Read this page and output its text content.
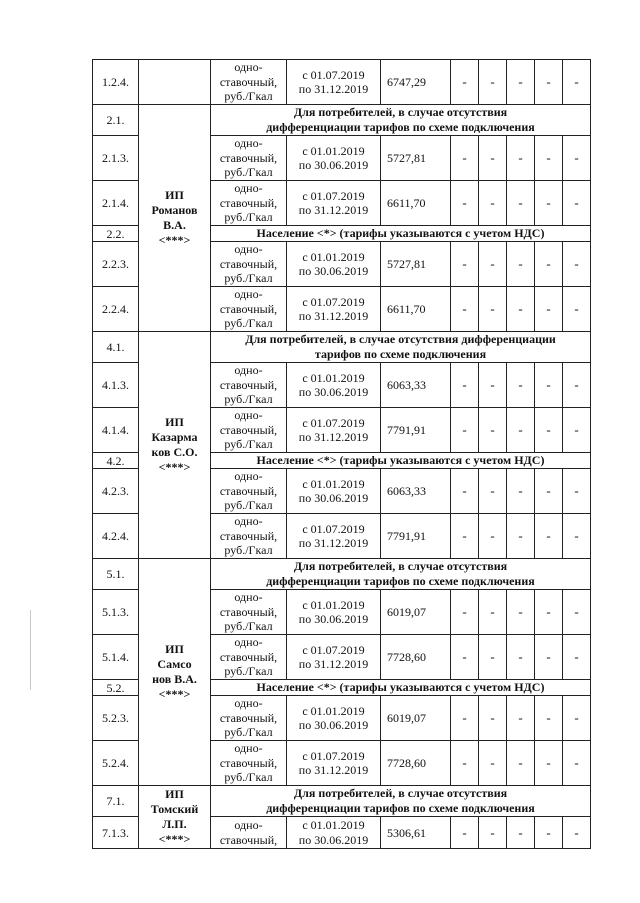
1.2.4.		одно-
ставочный,
руб./Гкал	с 01.07.2019
по 31.12.2019	6747,29	-	-	-	-	-
2.1.	ИП
Романов
В.А.
<***>	Для потребителей, в случае отсутствия
дифференциации тарифов по схеме подключения							
2.1.3.		одно-
ставочный,
руб./Гкал	с 01.01.2019
по 30.06.2019	5727,81	-	-	-	-	-
2.1.4.		одно-
ставочный,
руб./Гкал	с 01.07.2019
по 31.12.2019	6611,70	-	-	-	-	-
2.2.		Население <*> (тарифы указываются с учетом НДС)							
2.2.3.		одно-
ставочный,
руб./Гкал	с 01.01.2019
по 30.06.2019	5727,81	-	-	-	-	-
2.2.4.		одно-
ставочный,
руб./Гкал	с 01.07.2019
по 31.12.2019	6611,70	-	-	-	-	-
4.1.	ИП
Казарма
ков С.О.
<***>	Для потребителей, в случае отсутствия дифференциации
тарифов по схеме подключения							
4.1.3.		одно-
ставочный,
руб./Гкал	с 01.01.2019
по 30.06.2019	6063,33	-	-	-	-	-
4.1.4.		одно-
ставочный,
руб./Гкал	с 01.07.2019
по 31.12.2019	7791,91	-	-	-	-	-
4.2.		Население <*> (тарифы указываются с учетом НДС)							
4.2.3.		одно-
ставочный,
руб./Гкал	с 01.01.2019
по 30.06.2019	6063,33	-	-	-	-	-
4.2.4.		одно-
ставочный,
руб./Гкал	с 01.07.2019
по 31.12.2019	7791,91	-	-	-	-	-
5.1.	ИП
Самсо
нов В.А.
<***>	Для потребителей, в случае отсутствия
дифференциации тарифов по схеме подключения							
5.1.3.		одно-
ставочный,
руб./Гкал	с 01.01.2019
по 30.06.2019	6019,07	-	-	-	-	-
5.1.4.		одно-
ставочный,
руб./Гкал	с 01.07.2019
по 31.12.2019	7728,60	-	-	-	-	-
5.2.		Население <*> (тарифы указываются с учетом НДС)							
5.2.3.		одно-
ставочный,
руб./Гкал	с 01.01.2019
по 30.06.2019	6019,07	-	-	-	-	-
5.2.4.		одно-
ставочный,
руб./Гкал	с 01.07.2019
по 31.12.2019	7728,60	-	-	-	-	-
7.1.	ИП
Томский
Л.П.
<***>	Для потребителей, в случае отсутствия
дифференциации тарифов по схеме подключения							
7.1.3.		одно-
ставочный,	с 01.01.2019
по 30.06.2019	5306,61	-	-	-	-	-
